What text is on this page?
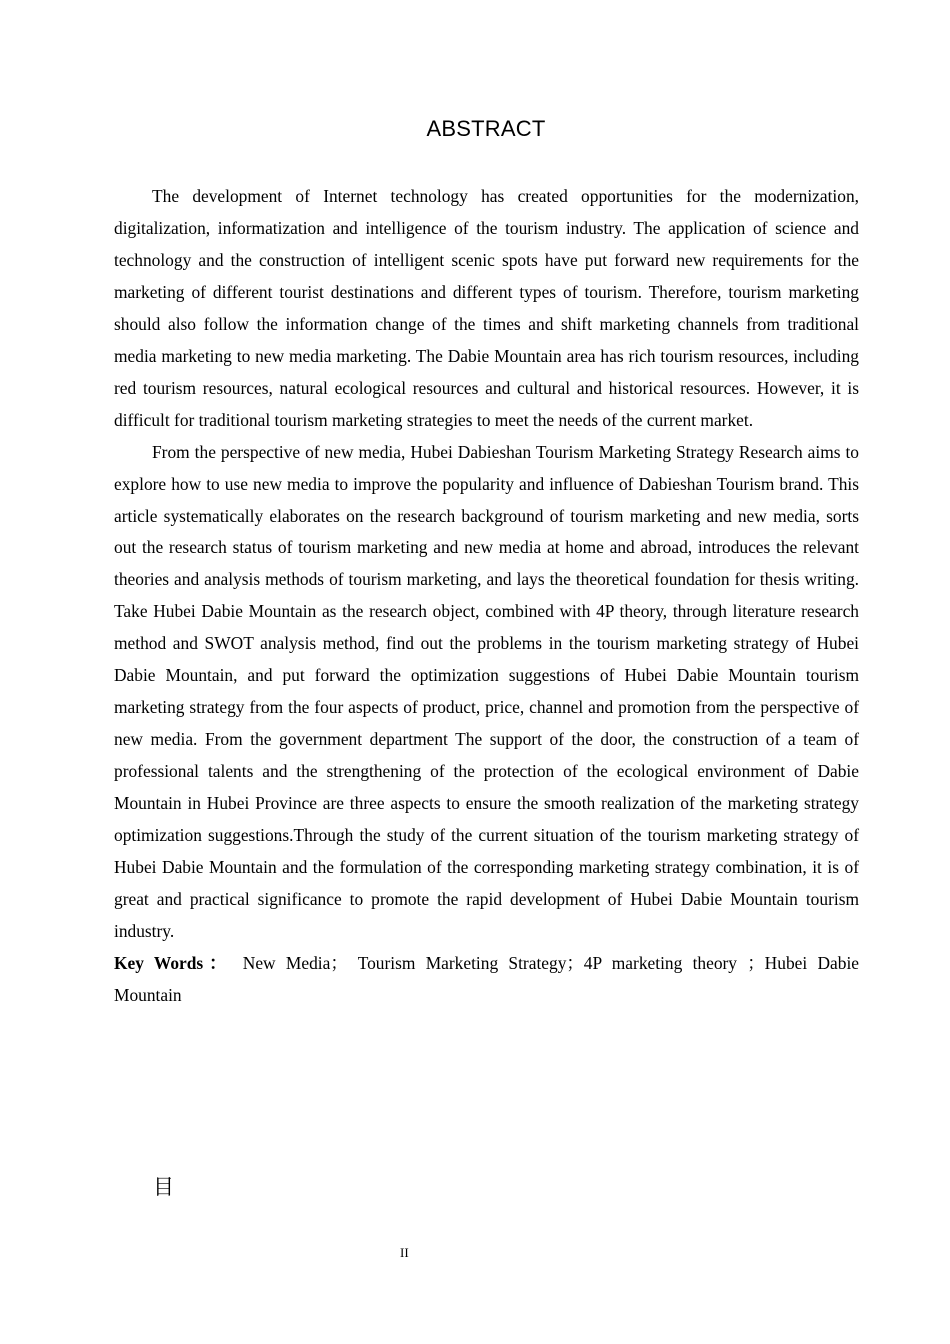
ABSTRACT

The development of Internet technology has created opportunities for the modernization, digitalization, informatization and intelligence of the tourism industry. The application of science and technology and the construction of intelligent scenic spots have put forward new requirements for the marketing of different tourist destinations and different types of tourism. Therefore, tourism marketing should also follow the information change of the times and shift marketing channels from traditional media marketing to new media marketing. The Dabie Mountain area has rich tourism resources, including red tourism resources, natural ecological resources and cultural and historical resources. However, it is difficult for traditional tourism marketing strategies to meet the needs of the current market.

From the perspective of new media, Hubei Dabieshan Tourism Marketing Strategy Research aims to explore how to use new media to improve the popularity and influence of Dabieshan Tourism brand. This article systematically elaborates on the research background of tourism marketing and new media, sorts out the research status of tourism marketing and new media at home and abroad, introduces the relevant theories and analysis methods of tourism marketing, and lays the theoretical foundation for thesis writing. Take Hubei Dabie Mountain as the research object, combined with 4P theory, through literature research method and SWOT analysis method, find out the problems in the tourism marketing strategy of Hubei Dabie Mountain, and put forward the optimization suggestions of Hubei Dabie Mountain tourism marketing strategy from the four aspects of product, price, channel and promotion from the perspective of new media. From the government department The support of the door, the construction of a team of professional talents and the strengthening of the protection of the ecological environment of Dabie Mountain in Hubei Province are three aspects to ensure the smooth realization of the marketing strategy optimization suggestions.Through the study of the current situation of the tourism marketing strategy of Hubei Dabie Mountain and the formulation of the corresponding marketing strategy combination, it is of great and practical significance to promote the rapid development of Hubei Dabie Mountain tourism industry.

Key Words： New Media； Tourism Marketing Strategy；4P marketing theory ；Hubei Dabie Mountain
目
II
